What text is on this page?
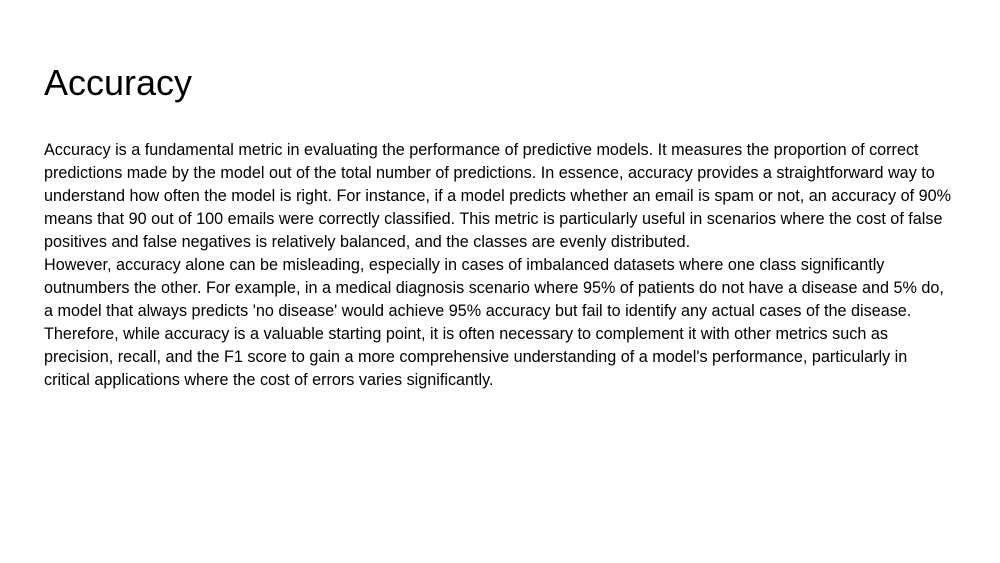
Accuracy

Accuracy is a fundamental metric in evaluating the performance of predictive models. It measures the proportion of correct predictions made by the model out of the total number of predictions. In essence, accuracy provides a straightforward way to understand how often the model is right. For instance, if a model predicts whether an email is spam or not, an accuracy of 90% means that 90 out of 100 emails were correctly classified. This metric is particularly useful in scenarios where the cost of false positives and false negatives is relatively balanced, and the classes are evenly distributed.

However, accuracy alone can be misleading, especially in cases of imbalanced datasets where one class significantly outnumbers the other. For example, in a medical diagnosis scenario where 95% of patients do not have a disease and 5% do, a model that always predicts 'no disease' would achieve 95% accuracy but fail to identify any actual cases of the disease. Therefore, while accuracy is a valuable starting point, it is often necessary to complement it with other metrics such as precision, recall, and the F1 score to gain a more comprehensive understanding of a model's performance, particularly in critical applications where the cost of errors varies significantly.
